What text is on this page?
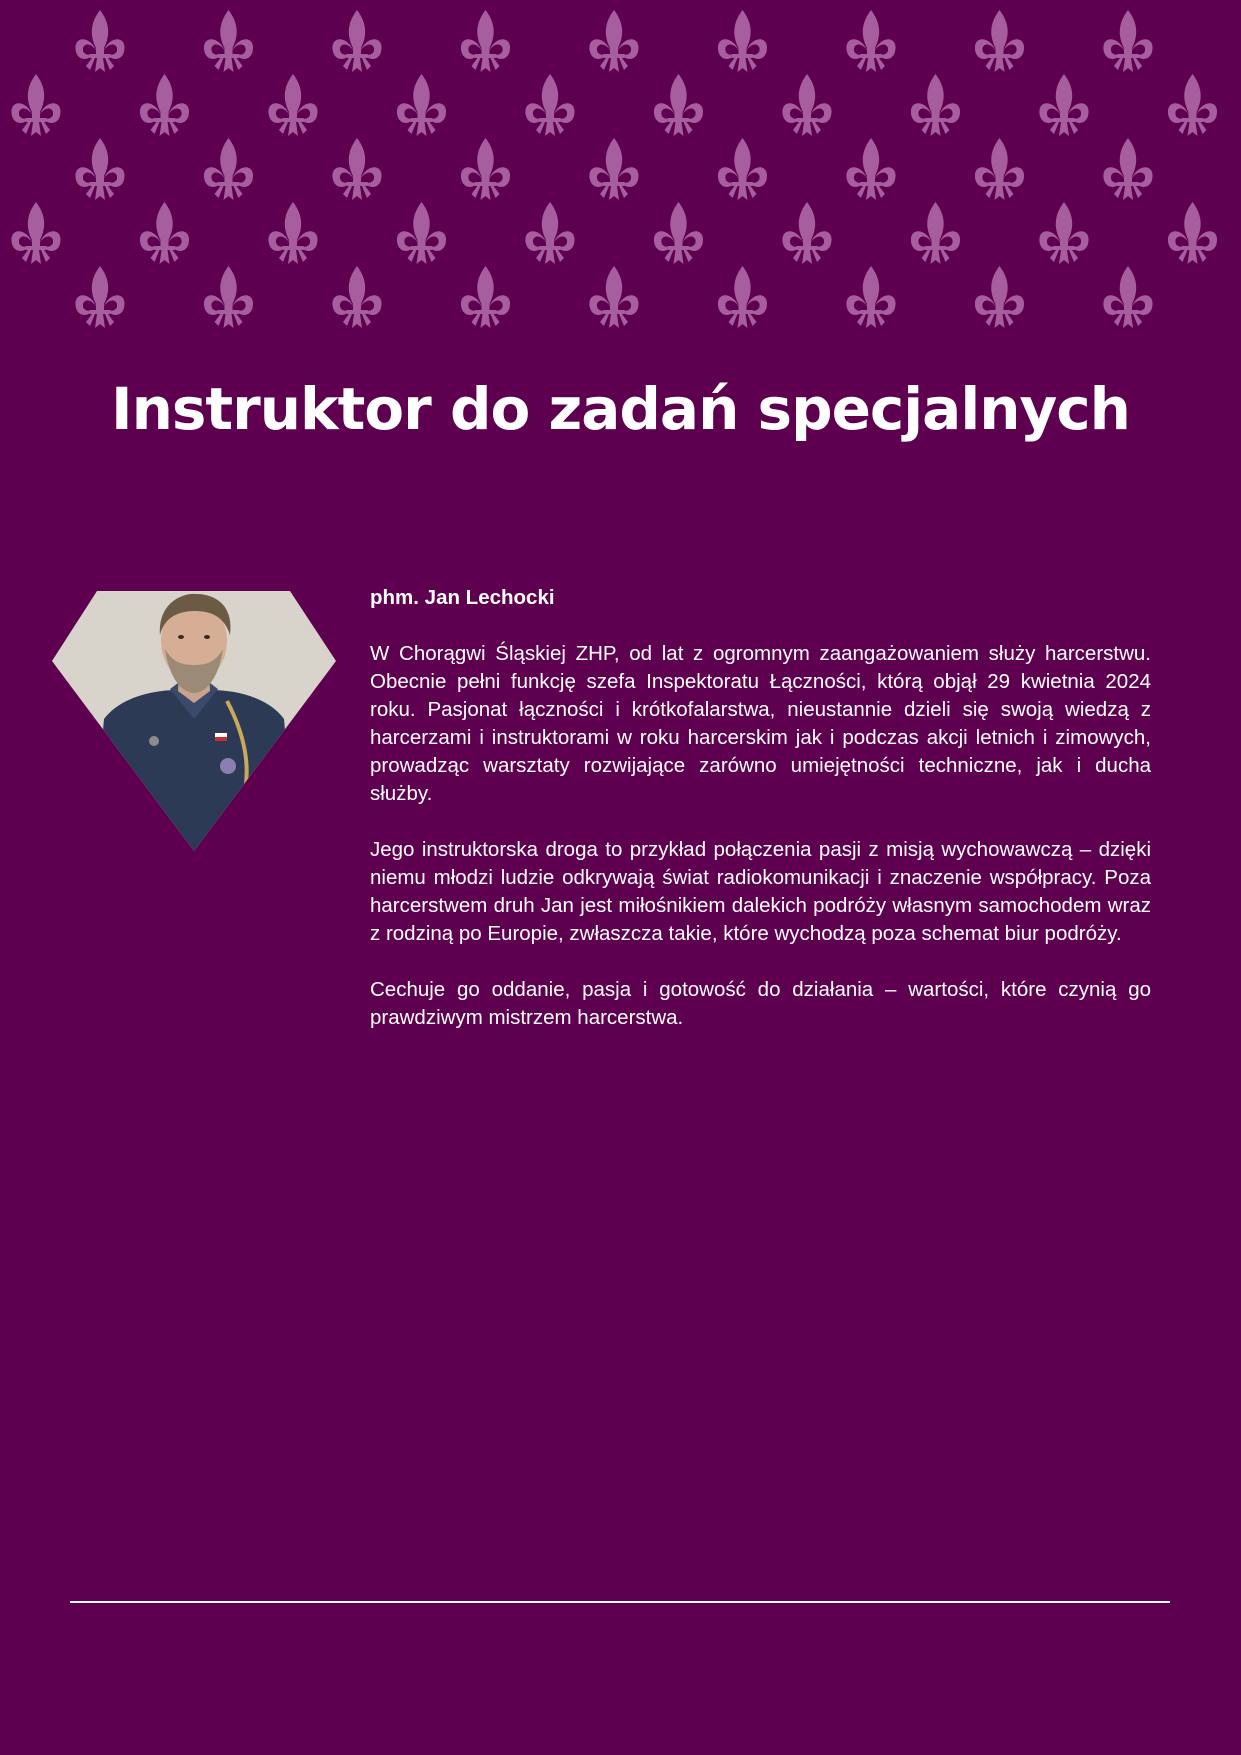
Instruktor do zadań specjalnych

phm. Jan Lechocki

W Chorągwi Śląskiej ZHP, od lat z ogromnym zaangażowaniem służy harcerstwu. Obecnie pełni funkcję szefa Inspektoratu Łączności, którą objął 29 kwietnia 2024 roku. Pasjonat łączności i krótkofalarstwa, nieustannie dzieli się swoją wiedzą z harcerzami i instruktorami w roku harcerskim jak i podczas akcji letnich i zimowych, prowadząc warsztaty rozwijające zarówno umiejętności techniczne, jak i ducha służby.

Jego instruktorska droga to przykład połączenia pasji z misją wychowawczą – dzięki niemu młodzi ludzie odkrywają świat radiokomunikacji i znaczenie współpracy. Poza harcerstwem druh Jan jest miłośnikiem dalekich podróży własnym samochodem wraz z rodziną po Europie, zwłaszcza takie, które wychodzą poza schemat biur podróży.

Cechuje go oddanie, pasja i gotowość do działania – wartości, które czynią go prawdziwym mistrzem harcerstwa.
